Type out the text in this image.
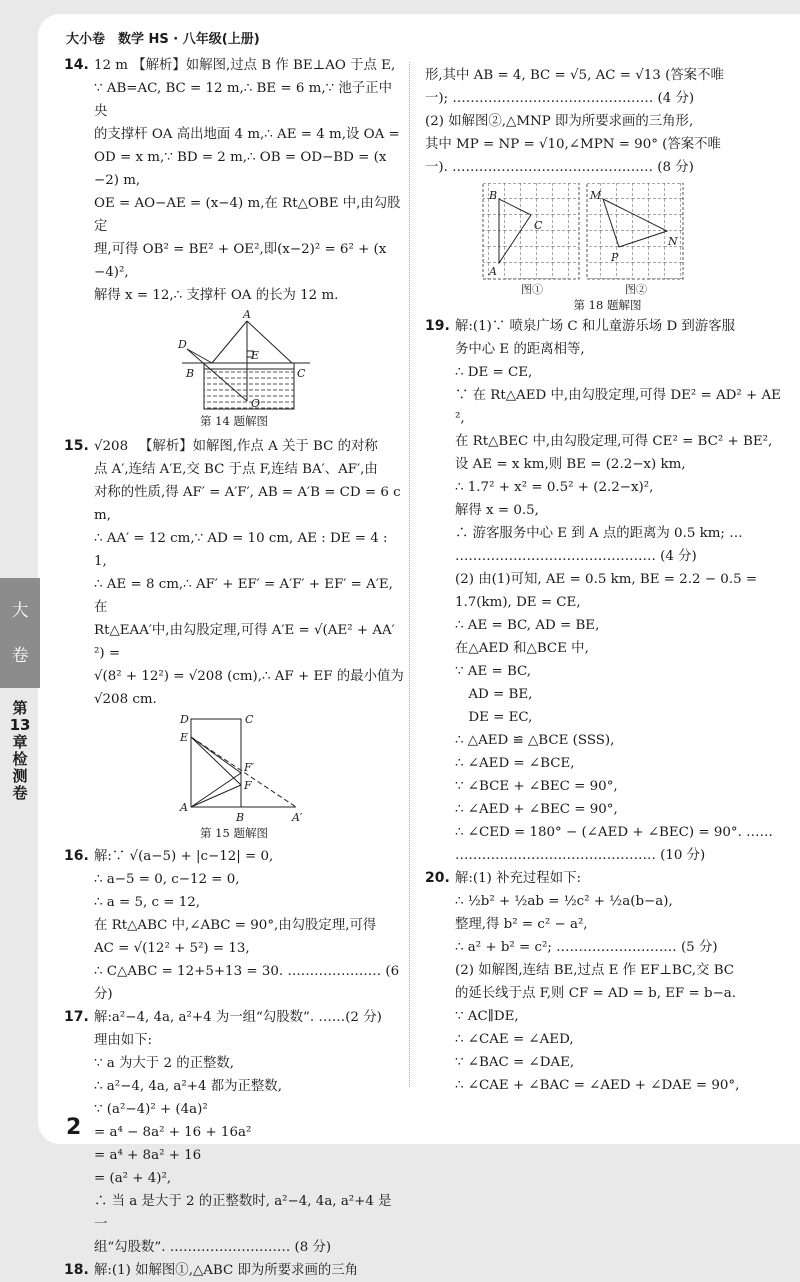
大小卷　数学 HS · 八年级(上册)
14. 12 m 【解析】如解图,过点 B 作 BE⊥AO 于点 E,
∵ AB=AC, BC = 12 m,∴ BE = 6 m,∵ 池子正中央
的支撑杆 OA 高出地面 4 m,∴ AE = 4 m,设 OA =
OD = x m,∵ BD = 2 m,∴ OB = OD−BD = (x−2) m,
OE = AO−AE = (x−4) m,在 Rt△OBE 中,由勾股定
理,可得 OB² = BE² + OE²,即(x−2)² = 6² + (x−4)²,
解得 x = 12,∴ 支撑杆 OA 的长为 12 m.
A
D
B	C
E
O
第 14 题解图
15. √208 　【解析】如解图,作点 A 关于 BC 的对称
点 A′,连结 A′E,交 BC 于点 F,连结 BA′、AF′,由
对称的性质,得 AF′ = A′F′, AB = A′B = CD = 6 cm,
∴ AA′ = 12 cm,∵ AD = 10 cm, AE : DE = 4 : 1,
∴ AE = 8 cm,∴ AF′ + EF′ = A′F′ + EF′ = A′E,在
Rt△EAA′中,由勾股定理,可得 A′E = √(AE² + AA′²) =
√(8² + 12²) = √208 (cm),∴ AF + EF 的最小值为
√208 cm.
D	C
E
F′
F
A
B	A′
第 15 题解图
16. 解:∵ √(a−5) + |c−12| = 0,
∴ a−5 = 0, c−12 = 0,
∴ a = 5, c = 12,
在 Rt△ABC 中,∠ABC = 90°,由勾股定理,可得
AC = √(12² + 5²) = 13,
∴ C△ABC = 12+5+13 = 30. ………………… (6 分)
17. 解:a²−4, 4a, a²+4 为一组“勾股数”. ……(2 分)
理由如下:
∵ a 为大于 2 的正整数,
∴ a²−4, 4a, a²+4 都为正整数,
∵ (a²−4)² + (4a)²
= a⁴ − 8a² + 16 + 16a²
= a⁴ + 8a² + 16
= (a² + 4)²,
∴ 当 a 是大于 2 的正整数时, a²−4, 4a, a²+4 是一
组“勾股数”. ……………………… (8 分)
18. 解:(1) 如解图①,△ABC 即为所要求画的三角
形,其中 AB = 4, BC = √5, AC = √13 (答案不唯
一); ……………………………………… (4 分)
(2) 如解图②,△MNP 即为所要求画的三角形,
其中 MP = NP = √10,∠MPN = 90° (答案不唯
一). ……………………………………… (8 分)
B
C
A
M
N
P
图①	图②
第 18 题解图
19. 解:(1)∵ 喷泉广场 C 和儿童游乐场 D 到游客服
务中心 E 的距离相等,
∴ DE = CE,
∵ 在 Rt△AED 中,由勾股定理,可得 DE² = AD² + AE²,
在 Rt△BEC 中,由勾股定理,可得 CE² = BC² + BE²,
设 AE = x km,则 BE = (2.2−x) km,
∴ 1.7² + x² = 0.5² + (2.2−x)²,
解得 x = 0.5,
∴ 游客服务中心 E 到 A 点的距离为 0.5 km; …
……………………………………… (4 分)
(2) 由(1)可知, AE = 0.5 km, BE = 2.2 − 0.5 =
1.7(km), DE = CE,
∴ AE = BC, AD = BE,
在△AED 和△BCE 中,
∵ AE = BC,
　AD = BE,
　DE = EC,
∴ △AED ≌ △BCE (SSS),
∴ ∠AED = ∠BCE,
∵ ∠BCE + ∠BEC = 90°,
∴ ∠AED + ∠BEC = 90°,
∴ ∠CED = 180° − (∠AED + ∠BEC) = 90°. ……
……………………………………… (10 分)
20. 解:(1) 补充过程如下:
∴ ½b² + ½ab = ½c² + ½a(b−a),
整理,得 b² = c² − a²,
∴ a² + b² = c²; ……………………… (5 分)
(2) 如解图,连结 BE,过点 E 作 EF⊥BC,交 BC
的延长线于点 F,则 CF = AD = b, EF = b−a.
∵ AC∥DE,
∴ ∠CAE = ∠AED,
∵ ∠BAC = ∠DAE,
∴ ∠CAE + ∠BAC = ∠AED + ∠DAE = 90°,
大
卷
第13章检测卷
2
